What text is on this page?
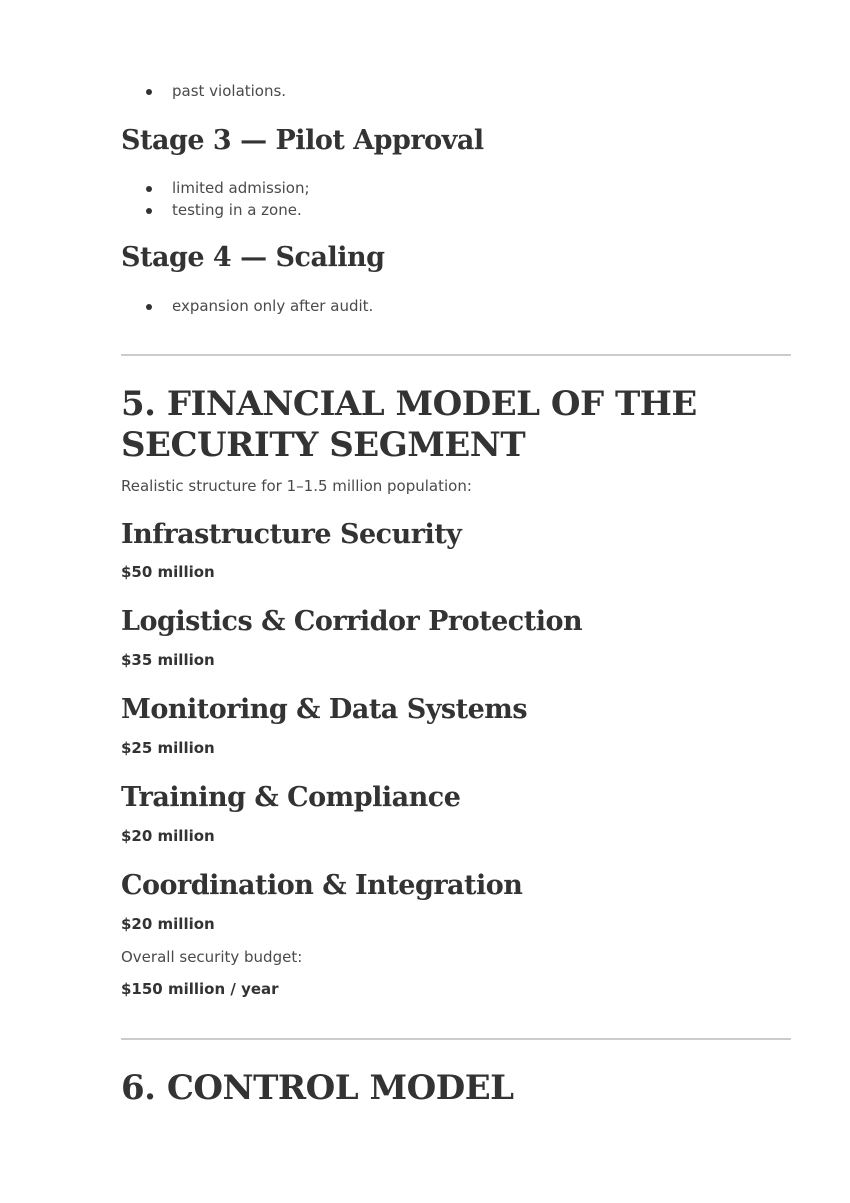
past violations.
Stage 3 — Pilot Approval
limited admission;
testing in a zone.
Stage 4 — Scaling
expansion only after audit.
5. FINANCIAL MODEL OF THE SECURITY SEGMENT
Realistic structure for 1–1.5 million population:
Infrastructure Security
$50 million
Logistics & Corridor Protection
$35 million
Monitoring & Data Systems
$25 million
Training & Compliance
$20 million
Coordination & Integration
$20 million
Overall security budget:
$150 million / year
6. CONTROL MODEL
